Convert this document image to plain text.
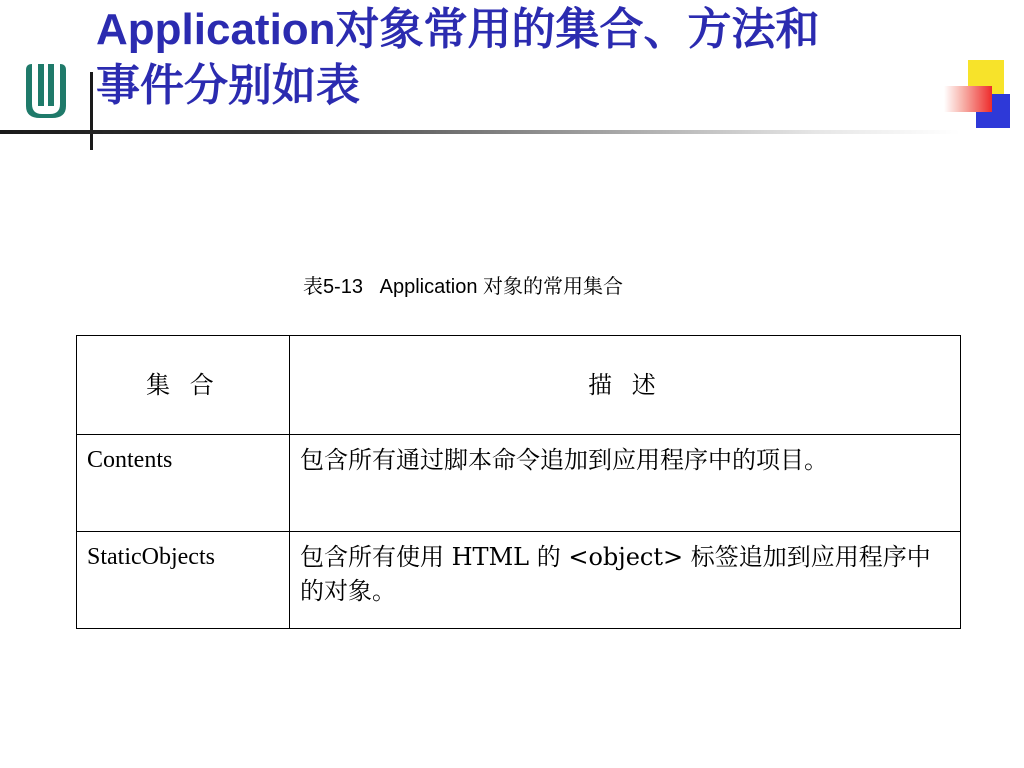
Application对象常用的集合、方法和
事件分别如表
表5-13 Application 对象的常用集合
集 合	描 述
Contents	包含所有通过脚本命令追加到应用程序中的项目。
StaticObjects	包含所有使用 HTML 的 <object> 标签追加到应用程序中的对象。
